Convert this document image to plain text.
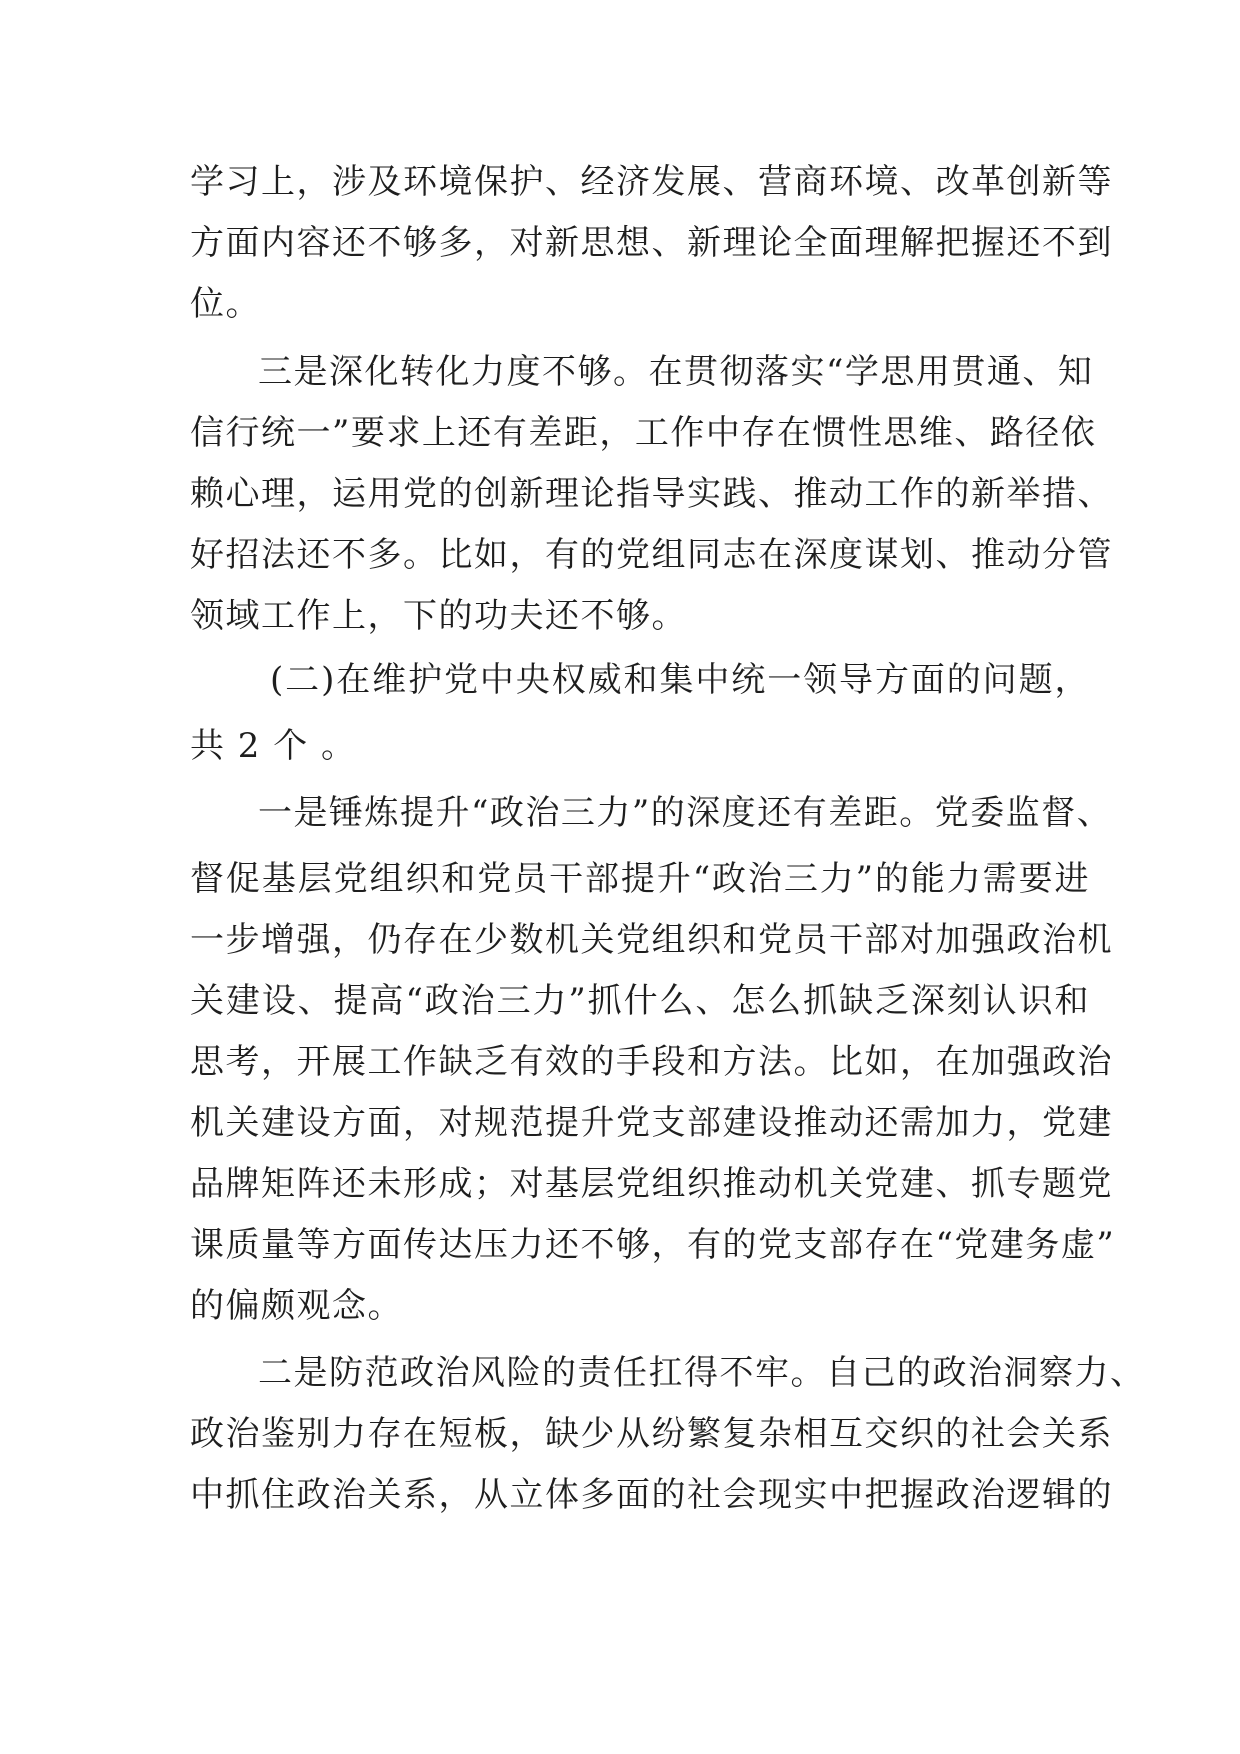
学习上，涉及环境保护、经济发展、营商环境、改革创新等
方面内容还不够多，对新思想、新理论全面理解把握还不到
位。
三是深化转化力度不够。在贯彻落实“学思用贯通、知
信行统一”要求上还有差距，工作中存在惯性思维、路径依
赖心理，运用党的创新理论指导实践、推动工作的新举措、
好招法还不多。比如，有的党组同志在深度谋划、推动分管
领域工作上，下的功夫还不够。
(二)在维护党中央权威和集中统一领导方面的问题，
共 2 个 。
一是锤炼提升“政治三力”的深度还有差距。党委监督、
督促基层党组织和党员干部提升“政治三力”的能力需要进
一步增强，仍存在少数机关党组织和党员干部对加强政治机
关建设、提高“政治三力”抓什么、怎么抓缺乏深刻认识和
思考，开展工作缺乏有效的手段和方法。比如，在加强政治
机关建设方面，对规范提升党支部建设推动还需加力，党建
品牌矩阵还未形成；对基层党组织推动机关党建、抓专题党
课质量等方面传达压力还不够，有的党支部存在“党建务虚”
的偏颇观念。
二是防范政治风险的责任扛得不牢。自己的政治洞察力、
政治鉴别力存在短板，缺少从纷繁复杂相互交织的社会关系
中抓住政治关系，从立体多面的社会现实中把握政治逻辑的
